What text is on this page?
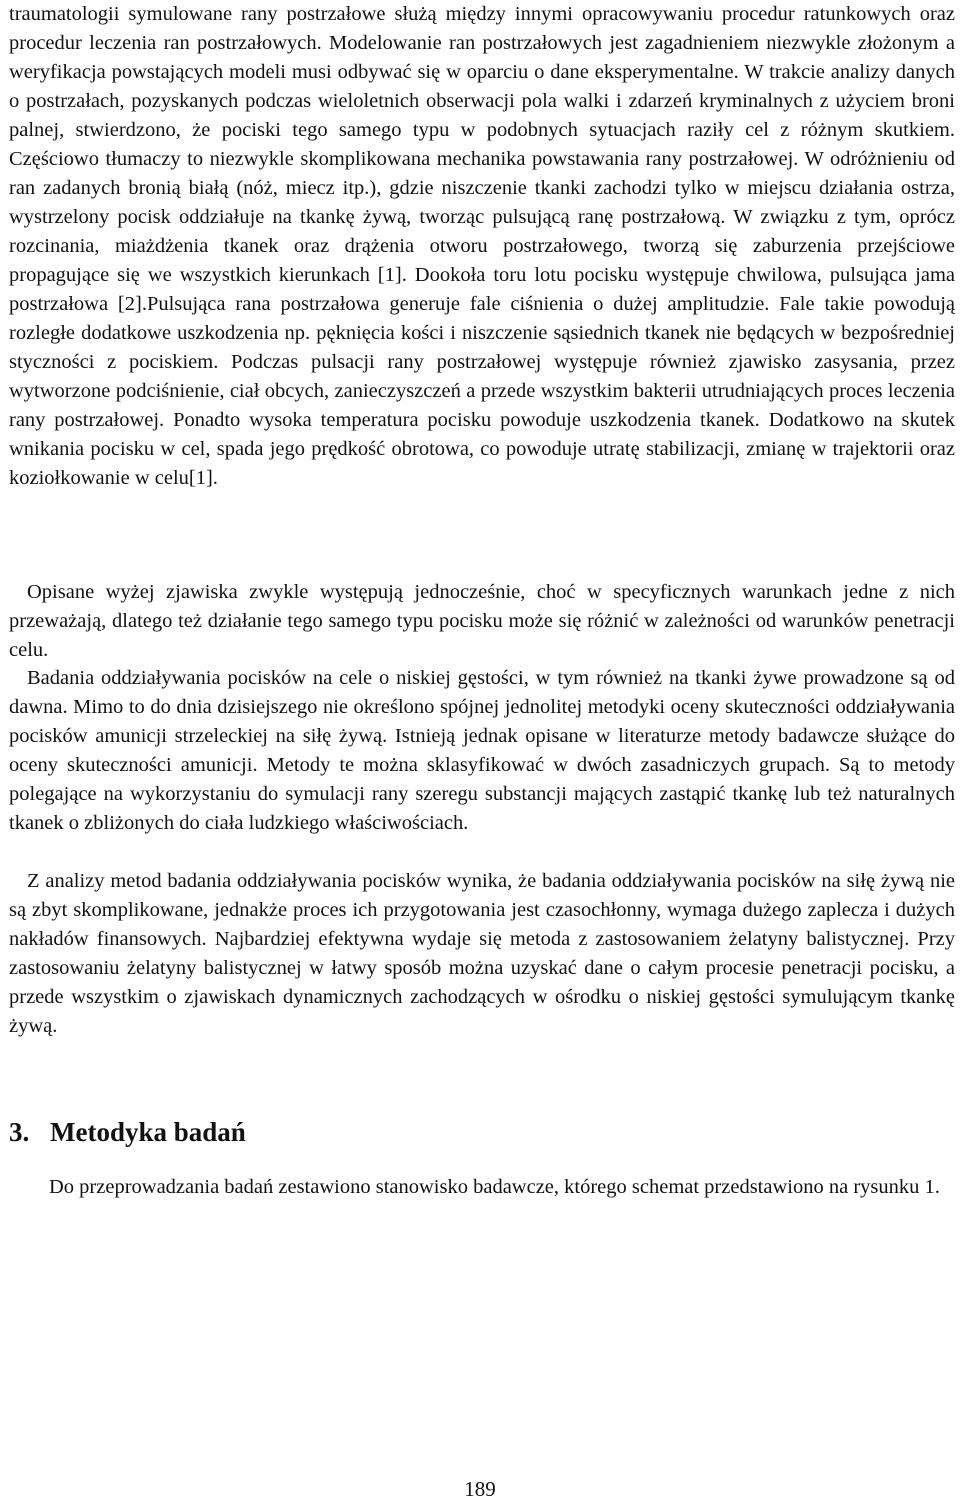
traumatologii symulowane rany postrzałowe służą między innymi opracowywaniu procedur ratunkowych oraz procedur leczenia ran postrzałowych. Modelowanie ran postrzałowych jest zagadnieniem niezwykle złożonym a weryfikacja powstających modeli musi odbywać się w oparciu o dane eksperymentalne. W trakcie analizy danych o postrzałach, pozyskanych podczas wieloletnich obserwacji pola walki i zdarzeń kryminalnych z użyciem broni palnej, stwierdzono, że pociski tego samego typu w podobnych sytuacjach raziły cel z różnym skutkiem. Częściowo tłumaczy to niezwykle skomplikowana mechanika powstawania rany postrzałowej. W odróżnieniu od ran zadanych bronią białą (nóż, miecz itp.), gdzie niszczenie tkanki zachodzi tylko w miejscu działania ostrza, wystrzelony pocisk oddziałuje na tkankę żywą, tworząc pulsującą ranę postrzałową. W związku z tym, oprócz rozcinania, miażdżenia tkanek oraz drążenia otworu postrzałowego, tworzą się zaburzenia przejściowe propagujące się we wszystkich kierunkach [1]. Dookoła toru lotu pocisku występuje chwilowa, pulsująca jama postrzałowa [2].Pulsująca rana postrzałowa generuje fale ciśnienia o dużej amplitudzie. Fale takie powodują rozległe dodatkowe uszkodzenia np. pęknięcia kości i niszczenie sąsiednich tkanek nie będących w bezpośredniej styczności z pociskiem. Podczas pulsacji rany postrzałowej występuje również zjawisko zasysania, przez wytworzone podciśnienie, ciał obcych, zanieczyszczeń a przede wszystkim bakterii utrudniających proces leczenia rany postrzałowej. Ponadto wysoka temperatura pocisku powoduje uszkodzenia tkanek. Dodatkowo na skutek wnikania pocisku w cel, spada jego prędkość obrotowa, co powoduje utratę stabilizacji, zmianę w trajektorii oraz koziołkowanie w celu[1].

Opisane wyżej zjawiska zwykle występują jednocześnie, choć w specyficznych warunkach jedne z nich przeważają, dlatego też działanie tego samego typu pocisku może się różnić w zależności od warunków penetracji celu.

Badania oddziaływania pocisków na cele o niskiej gęstości, w tym również na tkanki żywe prowadzone są od dawna. Mimo to do dnia dzisiejszego nie określono spójnej jednolitej metodyki oceny skuteczności oddziaływania pocisków amunicji strzeleckiej na siłę żywą. Istnieją jednak opisane w literaturze metody badawcze służące do oceny skuteczności amunicji. Metody te można sklasyfikować w dwóch zasadniczych grupach. Są to metody polegające na wykorzystaniu do symulacji rany szeregu substancji mających zastąpić tkankę lub też naturalnych tkanek o zbliżonych do ciała ludzkiego właściwościach.

Z analizy metod badania oddziaływania pocisków wynika, że badania oddziaływania pocisków na siłę żywą nie są zbyt skomplikowane, jednakże proces ich przygotowania jest czasochłonny, wymaga dużego zaplecza i dużych nakładów finansowych. Najbardziej efektywna wydaje się metoda z zastosowaniem żelatyny balistycznej. Przy zastosowaniu żelatyny balistycznej w łatwy sposób można uzyskać dane o całym procesie penetracji pocisku, a przede wszystkim o zjawiskach dynamicznych zachodzących w ośrodku o niskiej gęstości symulującym tkankę żywą.

3. Metodyka badań

Do przeprowadzania badań zestawiono stanowisko badawcze, którego schemat przedstawiono na rysunku 1.

189
